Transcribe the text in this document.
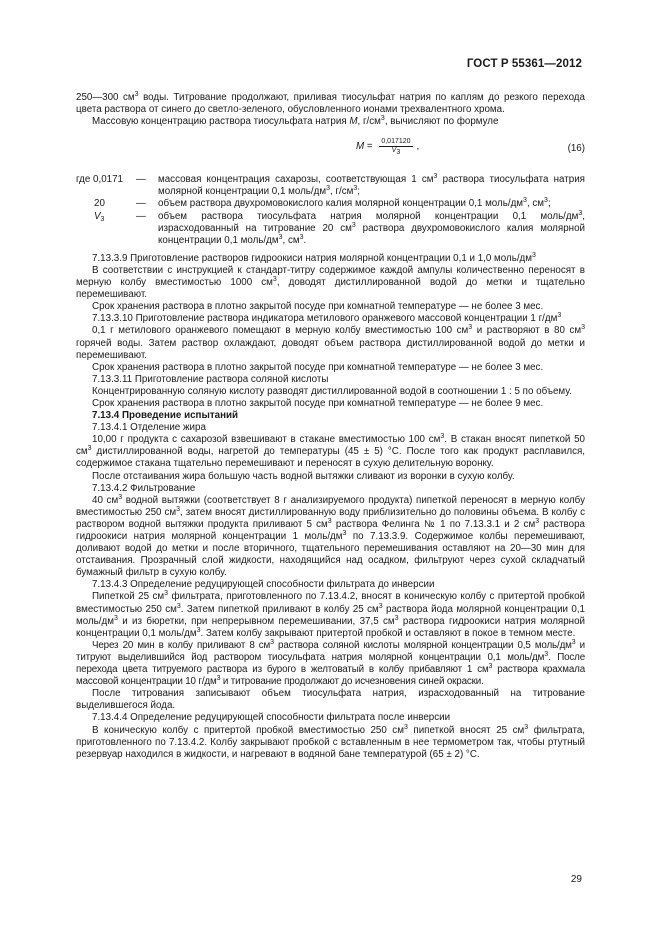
ГОСТ Р 55361—2012

250—300 $см^3$ воды. Титрование продолжают, приливая тиосульфат натрия по каплям до резкого перехода цвета раствора от синего до светло-зеленого, обусловленного ионами трехвалентного хрома.

Массовую концентрацию раствора тиосульфата натрия M, $г/см^3$, вычисляют по формуле

$M = \frac{0,017120}{V_3}$ ,	(16)
где 0,0171	—	массовая концентрация сахарозы, соответствующая 1 $см^3$ раствора тиосульфата натрия молярной концентрации 0,1 моль/$дм^3$, $г/см^3$;
20	—	объем раствора двухромовокислого калия молярной концентрации 0,1 моль/$дм^3$, $см^3$;
$V_3$	—	объем раствора тиосульфата натрия молярной концентрации 0,1 моль/$дм^3$, израсходованный на титрование 20 $см^3$ раствора двухромовокислого калия молярной концентрации 0,1 моль/$дм^3$, $см^3$.

7.13.3.9 Приготовление растворов гидроокиси натрия молярной концентрации 0,1 и 1,0 моль/$дм^3$

В соответствии с инструкцией к стандарт-титру содержимое каждой ампулы количественно переносят в мерную колбу вместимостью 1000 $см^3$, доводят дистиллированной водой до метки и тщательно перемешивают.

Срок хранения раствора в плотно закрытой посуде при комнатной температуре — не более 3 мес.

7.13.3.10 Приготовление раствора индикатора метилового оранжевого массовой концентрации 1 $г/дм^3$

0,1 г метилового оранжевого помещают в мерную колбу вместимостью 100 $см^3$ и растворяют в 80 $см^3$ горячей воды. Затем раствор охлаждают, доводят объем раствора дистиллированной водой до метки и перемешивают.

Срок хранения раствора в плотно закрытой посуде при комнатной температуре — не более 3 мес.

7.13.3.11 Приготовление раствора соляной кислоты

Концентрированную соляную кислоту разводят дистиллированной водой в соотношении 1 : 5 по объему.

Срок хранения раствора в плотно закрытой посуде при комнатной температуре — не более 9 мес.

7.13.4 Проведение испытаний

7.13.4.1 Отделение жира

10,00 г продукта с сахарозой взвешивают в стакане вместимостью 100 $см^3$. В стакан вносят пипеткой 50 $см^3$ дистиллированной воды, нагретой до температуры (45 ± 5) °С. После того как продукт расплавился, содержимое стакана тщательно перемешивают и переносят в сухую делительную воронку.

После отстаивания жира большую часть водной вытяжки сливают из воронки в сухую колбу.

7.13.4.2 Фильтрование

40 $см^3$ водной вытяжки (соответствует 8 г анализируемого продукта) пипеткой переносят в мерную колбу вместимостью 250 $см^3$, затем вносят дистиллированную воду приблизительно до половины объема. В колбу с раствором водной вытяжки продукта приливают 5 $см^3$ раствора Фелинга № 1 по 7.13.3.1 и 2 $см^3$ раствора гидроокиси натрия молярной концентрации 1 моль/$дм^3$ по 7.13.3.9. Содержимое колбы перемешивают, доливают водой до метки и после вторичного, тщательного перемешивания оставляют на 20—30 мин для отстаивания. Прозрачный слой жидкости, находящийся над осадком, фильтруют через сухой складчатый бумажный фильтр в сухую колбу.

7.13.4.3 Определение редуцирующей способности фильтрата до инверсии

Пипеткой 25 $см^3$ фильтрата, приготовленного по 7.13.4.2, вносят в коническую колбу с притертой пробкой вместимостью 250 $см^3$. Затем пипеткой приливают в колбу 25 $см^3$ раствора йода молярной концентрации 0,1 моль/$дм^3$ и из бюретки, при непрерывном перемешивании, 37,5 $см^3$ раствора гидроокиси натрия молярной концентрации 0,1 моль/$дм^3$. Затем колбу закрывают притертой пробкой и оставляют в покое в темном месте.

Через 20 мин в колбу приливают 8 $см^3$ раствора соляной кислоты молярной концентрации 0,5 моль/$дм^3$ и титруют выделившийся йод раствором тиосульфата натрия молярной концентрации 0,1 моль/$дм^3$. После перехода цвета титруемого раствора из бурого в желтоватый в колбу прибавляют 1 $см^3$ раствора крахмала массовой концентрации 10 $г/дм^3$ и титрование продолжают до исчезновения синей окраски.

После титрования записывают объем тиосульфата натрия, израсходованный на титрование выделившегося йода.

7.13.4.4 Определение редуцирующей способности фильтрата после инверсии

В коническую колбу с притертой пробкой вместимостью 250 $см^3$ пипеткой вносят 25 $см^3$ фильтрата, приготовленного по 7.13.4.2. Колбу закрывают пробкой с вставленным в нее термометром так, чтобы ртутный резервуар находился в жидкости, и нагревают в водяной бане температурой (65 ± 2) °С.

29
